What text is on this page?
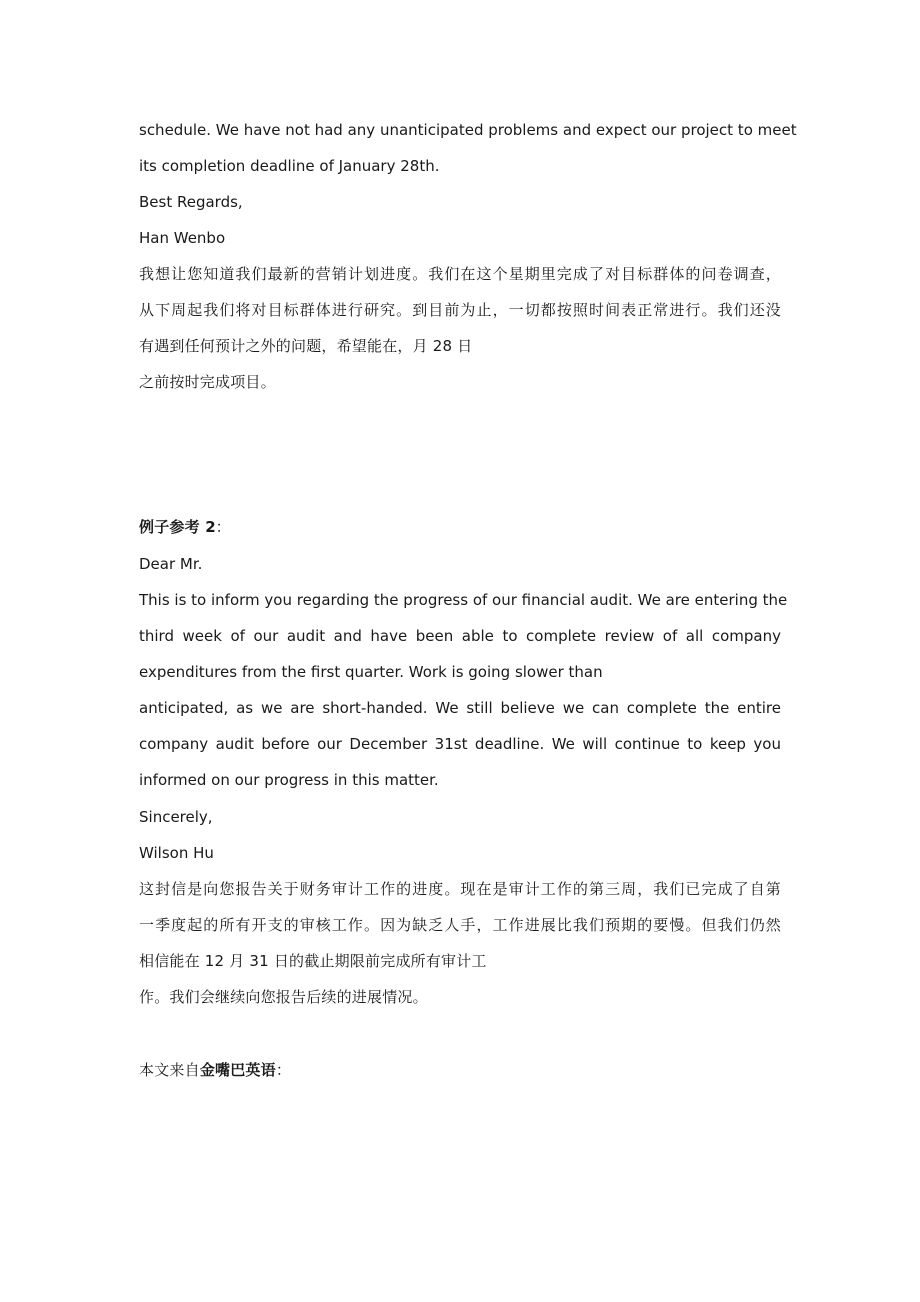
schedule. We have not had any unanticipated problems and expect our project to meet
its completion deadline of January 28th.
Best Regards,
Han Wenbo
我想让您知道我们最新的营销计划进度。我们在这个星期里完成了对目标群体的问卷调查，
从下周起我们将对目标群体进行研究。到目前为止，一切都按照时间表正常进行。我们还没
有遇到任何预计之外的问题，希望能在，月 28 日
之前按时完成项目。
例子参考 2：
Dear Mr.
This is to inform you regarding the progress of our financial audit. We are entering the
third week of our audit and have been able to complete review of all company
expenditures from the first quarter. Work is going slower than
anticipated, as we are short-handed. We still believe we can complete the entire
company audit before our December 31st deadline. We will continue to keep you
informed on our progress in this matter.
Sincerely,
Wilson Hu
这封信是向您报告关于财务审计工作的进度。现在是审计工作的第三周，我们已完成了自第
一季度起的所有开支的审核工作。因为缺乏人手，工作进展比我们预期的要慢。但我们仍然
相信能在 12 月 31 日的截止期限前完成所有审计工
作。我们会继续向您报告后续的进展情况。
本文来自金嘴巴英语：
